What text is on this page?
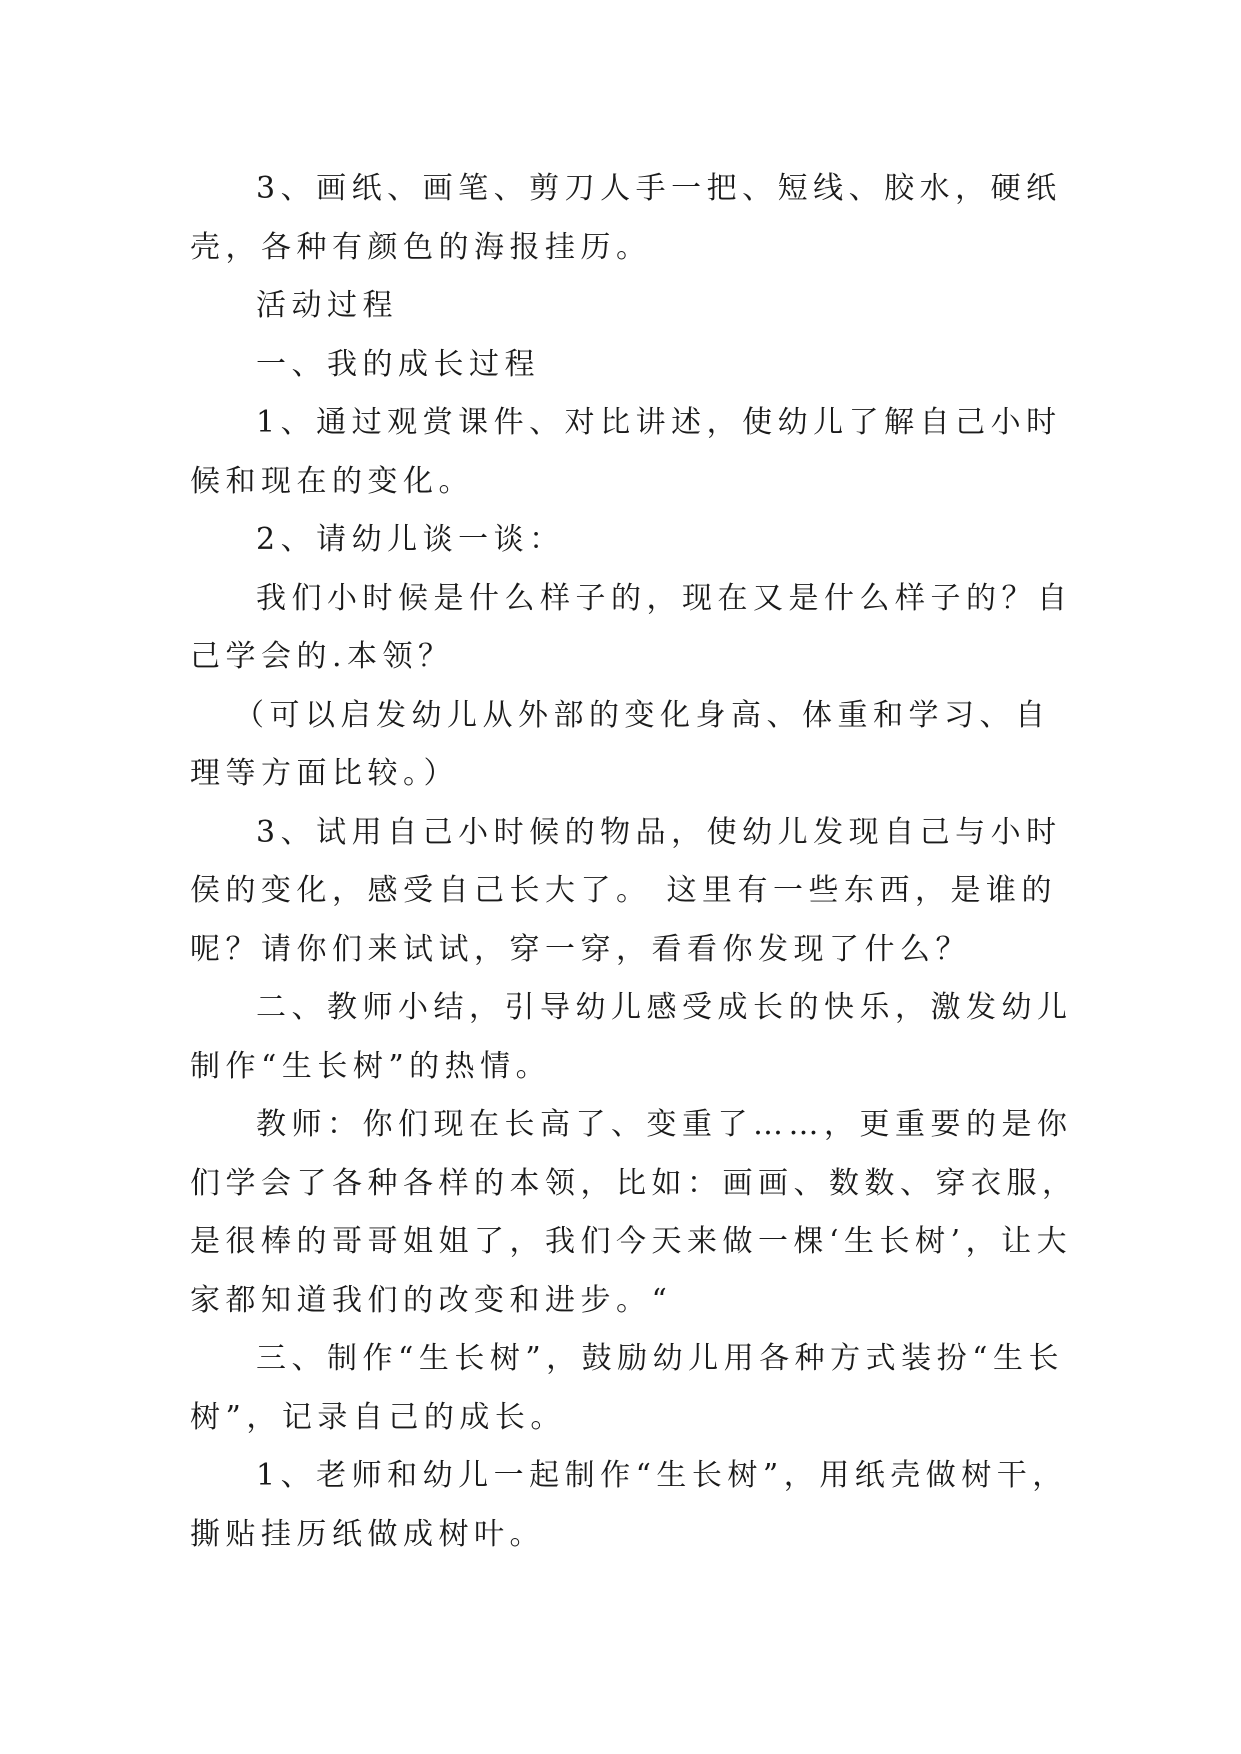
3、画纸、画笔、剪刀人手一把、短线、胶水，硬纸壳，各种有颜色的海报挂历。

活动过程

一、我的成长过程

1、通过观赏课件、对比讲述，使幼儿了解自己小时候和现在的变化。

2、请幼儿谈一谈：

我们小时候是什么样子的，现在又是什么样子的？自己学会的.本领？

（可以启发幼儿从外部的变化身高、体重和学习、自理等方面比较。）

3、试用自己小时候的物品，使幼儿发现自己与小时侯的变化，感受自己长大了。 这里有一些东西，是谁的呢？请你们来试试，穿一穿，看看你发现了什么？

二、教师小结，引导幼儿感受成长的快乐，激发幼儿制作“生长树”的热情。

教师：你们现在长高了、变重了……，更重要的是你们学会了各种各样的本领，比如：画画、数数、穿衣服，是很棒的哥哥姐姐了，我们今天来做一棵‘生长树’，让大家都知道我们的改变和进步。“

三、制作“生长树”，鼓励幼儿用各种方式装扮“生长树”，记录自己的成长。

1、老师和幼儿一起制作“生长树”，用纸壳做树干，撕贴挂历纸做成树叶。
